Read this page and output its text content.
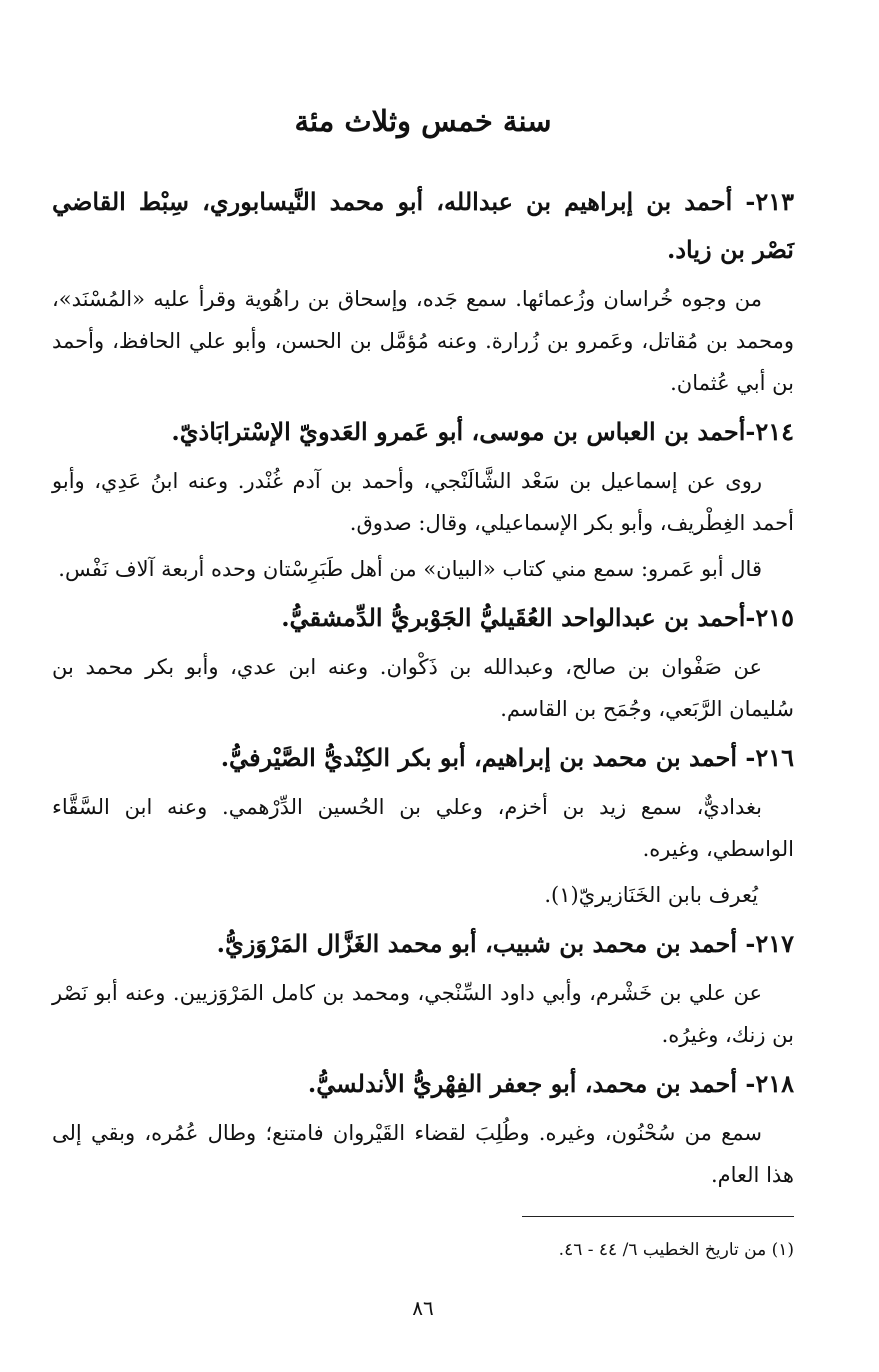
سنة خمس وثلاث مئة

٢١٣- أحمد بن إبراهيم بن عبدالله، أبو محمد النَّيسابوري، سِبْط القاضي نَصْر بن زياد.

من وجوه خُراسان وزُعمائها. سمع جَده، وإسحاق بن راهُوية وقرأ عليه «المُسْنَد»، ومحمد بن مُقاتل، وعَمرو بن زُرارة. وعنه مُؤمَّل بن الحسن، وأبو علي الحافظ، وأحمد بن أبي عُثمان.

٢١٤-أحمد بن العباس بن موسى، أبو عَمرو العَدويّ الإسْترابَاذيّ.

روى عن إسماعيل بن سَعْد الشَّالَنْجي، وأحمد بن آدم غُنْدر. وعنه ابنُ عَدِي، وأبو أحمد الغِطْريف، وأبو بكر الإسماعيلي، وقال: صدوق.

قال أبو عَمرو: سمع مني كتاب «البيان» من أهل طَبَرِسْتان وحده أربعة آلاف نَفْس.

٢١٥-أحمد بن عبدالواحد العُقَيليُّ الجَوْبريُّ الدِّمشقيُّ.

عن صَفْوان بن صالح، وعبدالله بن ذَكْوان. وعنه ابن عدي، وأبو بكر محمد بن سُليمان الرَّبَعي، وجُمَح بن القاسم.

٢١٦- أحمد بن محمد بن إبراهيم، أبو بكر الكِنْديُّ الصَّيْرفيُّ.

بغداديٌّ، سمع زيد بن أخزم، وعلي بن الحُسين الدِّرْهمي. وعنه ابن السَّقَّاء الواسطي، وغيره.

يُعرف بابن الخَنَازيريّ(١).

٢١٧- أحمد بن محمد بن شبيب، أبو محمد الغَزَّال المَرْوَزيُّ.

عن علي بن خَشْرم، وأبي داود السِّنْجي، ومحمد بن كامل المَرْوَزيين. وعنه أبو نَصْر بن زنك، وغيرُه.

٢١٨- أحمد بن محمد، أبو جعفر الفِهْريُّ الأندلسيُّ.

سمع من سُحْنُون، وغيره. وطُلِبَ لقضاء القَيْروان فامتنع؛ وطال عُمُره، وبقي إلى هذا العام.

(١) من تاريخ الخطيب ٦/ ٤٤ - ٤٦.
٨٦
